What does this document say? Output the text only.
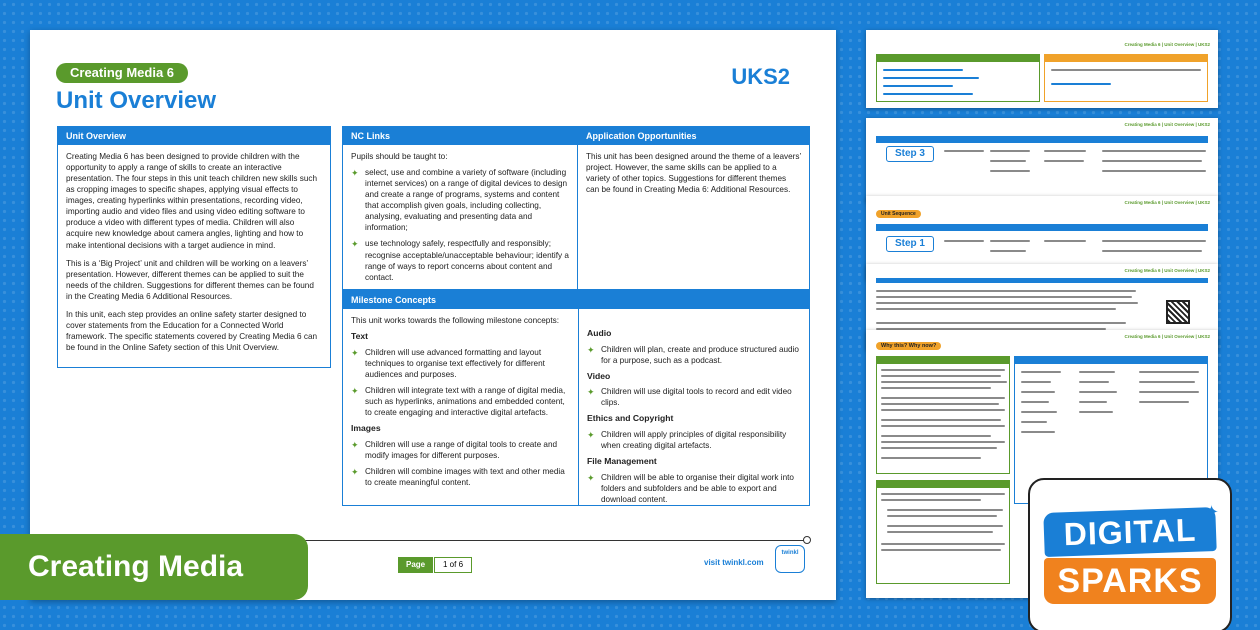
Creating Media 6
Unit Overview
UKS2
Unit Overview

Creating Media 6 has been designed to provide children with the opportunity to apply a range of skills to create an interactive presentation. The four steps in this unit teach children new skills such as cropping images to specific shapes, applying visual effects to images, creating hyperlinks within presentations, recording video, importing audio and video files and using video editing software to produce a video with different types of media. Children will also acquire new knowledge about camera angles, lighting and how to make intentional decisions with a target audience in mind.

This is a ‘Big Project’ unit and children will be working on a leavers’ presentation. However, different themes can be applied to suit the needs of the children. Suggestions for different themes can be found in the Creating Media 6 Additional Resources.

In this unit, each step provides an online safety starter designed to cover statements from the Education for a Connected World framework. The specific statements covered by Creating Media 6 can be found in the Online Safety section of this Unit Overview.

NC Links

Pupils should be taught to:

✦ select, use and combine a variety of software (including internet services) on a range of digital devices to design and create a range of programs, systems and content that accomplish given goals, including collecting, analysing, evaluating and presenting data and information;
✦ use technology safely, respectfully and responsibly; recognise acceptable/unacceptable behaviour; identify a range of ways to report concerns about content and contact.
Application Opportunities

This unit has been designed around the theme of a leavers’ project. However, the same skills can be applied to a variety of other topics. Suggestions for different themes can be found in Creating Media 6: Additional Resources.

Milestone Concepts

This unit works towards the following milestone concepts:

Text
✦ Children will use advanced formatting and layout techniques to organise text effectively for different audiences and purposes.
✦ Children will integrate text with a range of digital media, such as hyperlinks, animations and embedded content, to create engaging and interactive digital artefacts.
Images
✦ Children will use a range of digital tools to create and modify images for different purposes.
✦ Children will combine images with text and other media to create meaningful content.
Audio
✦ Children will plan, create and produce structured audio for a purpose, such as a podcast.
Video
✦ Children will use digital tools to record and edit video clips.
Ethics and Copyright
✦ Children will apply principles of digital responsibility when creating digital artefacts.
File Management
✦ Children will be able to organise their digital work into folders and subfolders and be able to export and download content.
Page	1 of 6	visit twinkl.com
twinkl
Creating Media
Creating Media 6 | Unit Overview | UKS2
Creating Media 6 | Unit Overview | UKS2
Step 3
Creating Media 6 | Unit Overview | UKS2
Unit Sequence
Step 1
Creating Media 6 | Unit Overview | UKS2
Creating Media 6 | Unit Overview | UKS2
Why this? Why now?
DIGITAL
SPARKS
✦
